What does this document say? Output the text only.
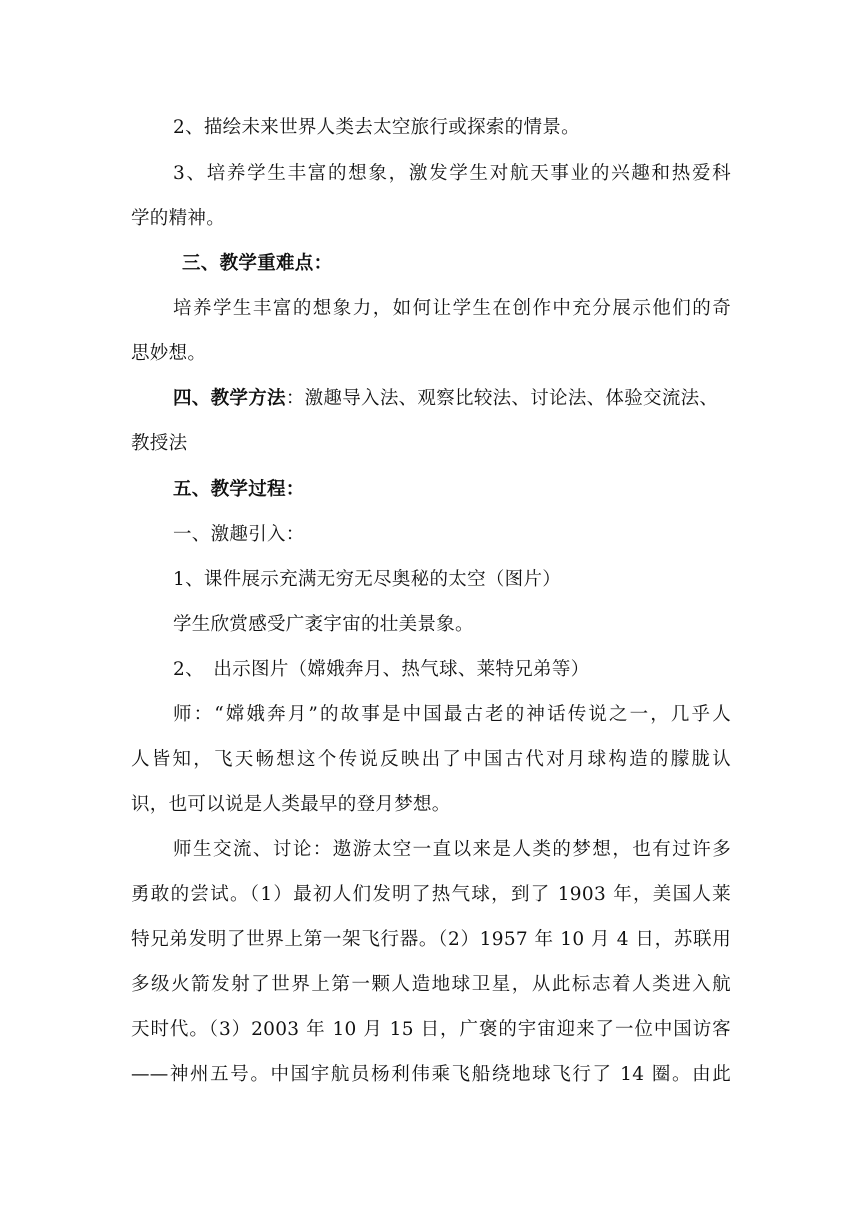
2、描绘未来世界人类去太空旅行或探索的情景。
3、培养学生丰富的想象，激发学生对航天事业的兴趣和热爱科
学的精神。
三、教学重难点：
培养学生丰富的想象力，如何让学生在创作中充分展示他们的奇
思妙想。
四、教学方法：激趣导入法、观察比较法、讨论法、体验交流法、
教授法
五、教学过程：
一、激趣引入：
1、课件展示充满无穷无尽奥秘的太空（图片）
学生欣赏感受广袤宇宙的壮美景象。
2、　出示图片（嫦娥奔月、热气球、莱特兄弟等）
师：“嫦娥奔月”的故事是中国最古老的神话传说之一，几乎人
人皆知，飞天畅想这个传说反映出了中国古代对月球构造的朦胧认
识，也可以说是人类最早的登月梦想。
师生交流、讨论：遨游太空一直以来是人类的梦想，也有过许多
勇敢的尝试。（1）最初人们发明了热气球，到了 1903 年，美国人莱
特兄弟发明了世界上第一架飞行器。（2）1957 年 10 月 4 日，苏联用
多级火箭发射了世界上第一颗人造地球卫星，从此标志着人类进入航
天时代。（3）2003 年 10 月 15 日，广褒的宇宙迎来了一位中国访客
——神州五号。中国宇航员杨利伟乘飞船绕地球飞行了 14 圈。由此
